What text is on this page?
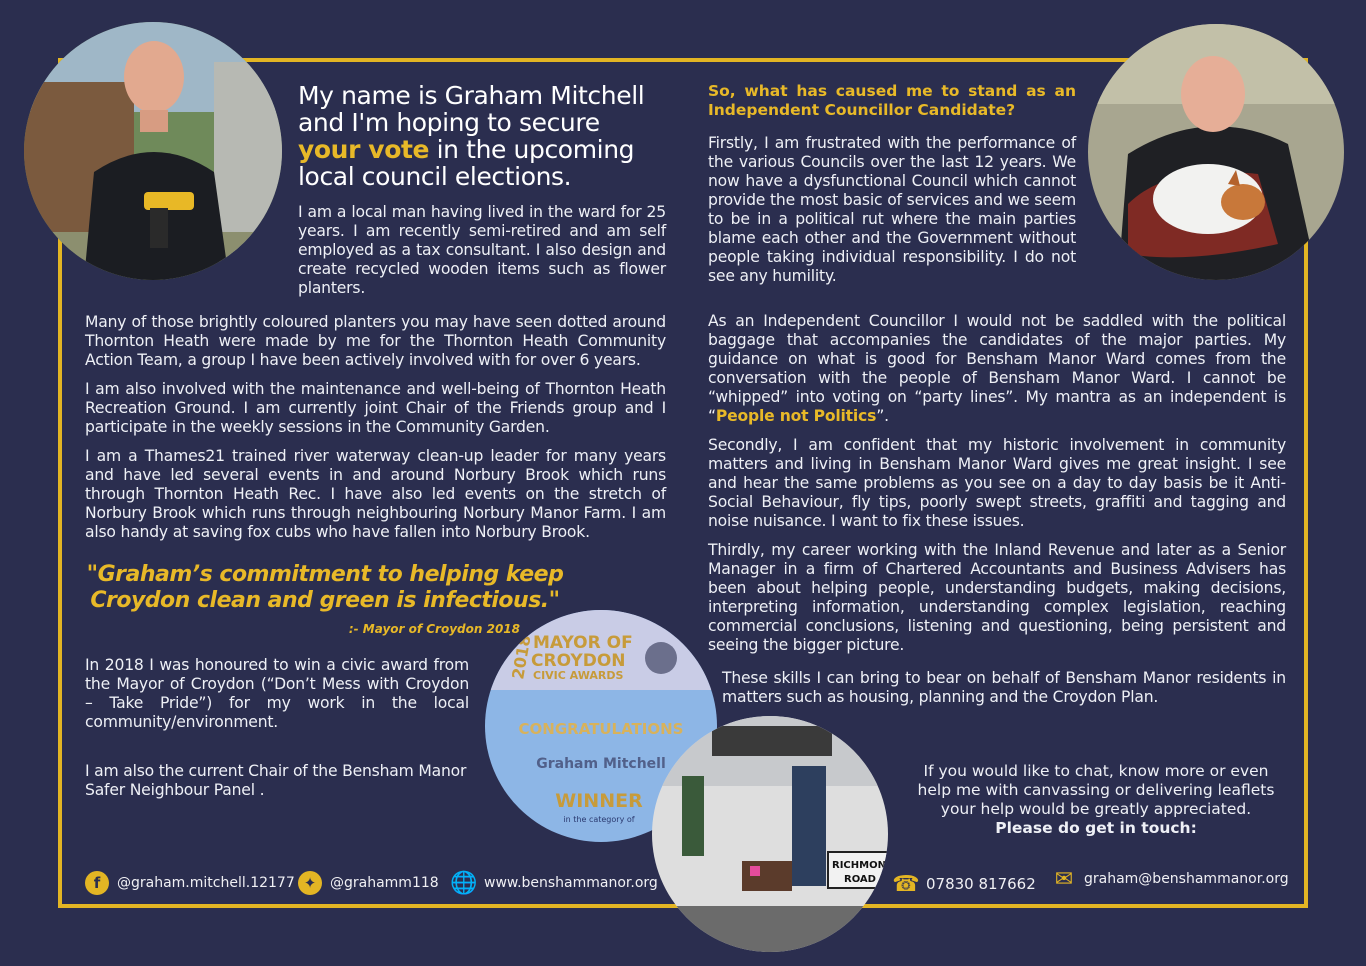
My name is Graham Mitchell and I'm hoping to secure your vote in the upcoming local council elections.

I am a local man having lived in the ward for 25 years. I am recently semi-retired and am self employed as a tax consultant. I also design and create recycled wooden items such as flower planters.

Many of those brightly coloured planters you may have seen dotted around Thornton Heath were made by me for the Thornton Heath Community Action Team, a group I have been actively involved with for over 6 years.

I am also involved with the maintenance and well-being of Thornton Heath Recreation Ground. I am currently joint Chair of the Friends group and I participate in the weekly sessions in the Community Garden.

I am a Thames21 trained river waterway clean-up leader for many years and have led several events in and around Norbury Brook which runs through Thornton Heath Rec. I have also led events on the stretch of Norbury Brook which runs through neighbouring Norbury Manor Farm. I am also handy at saving fox cubs who have fallen into Norbury Brook.

"Graham’s commitment to helping keep Croydon clean and green is infectious."
:- Mayor of Croydon 2018

In 2018 I was honoured to win a civic award from the Mayor of Croydon (“Don’t Mess with Croydon – Take Pride”) for my work in the local community/environment.

I am also the current Chair of the Bensham Manor Safer Neighbour Panel .

2018
MAYOR OF
CROYDON
CIVIC AWARDS
CONGRATULATIONS
Graham Mitchell
WINNER
in the category of
RICHMON
ROAD
So, what has caused me to stand as an Independent Councillor Candidate?

Firstly, I am frustrated with the performance of the various Councils over the last 12 years. We now have a dysfunctional Council which cannot provide the most basic of services and we seem to be in a political rut where the main parties blame each other and the Government without people taking individual responsibility. I do not see any humility.

As an Independent Councillor I would not be saddled with the political baggage that accompanies the candidates of the major parties. My guidance on what is good for Bensham Manor Ward comes from the conversation with the people of Bensham Manor Ward. I cannot be “whipped” into voting on “party lines”. My mantra as an independent is “People not Politics”.

Secondly, I am confident that my historic involvement in community matters and living in Bensham Manor Ward gives me great insight. I see and hear the same problems as you see on a day to day basis be it Anti-Social Behaviour, fly tips, poorly swept streets, graffiti and tagging and noise nuisance. I want to fix these issues.

Thirdly, my career working with the Inland Revenue and later as a Senior Manager in a firm of Chartered Accountants and Business Advisers has been about helping people, understanding budgets, making decisions, interpreting information, understanding complex legislation, reaching commercial conclusions, listening and questioning, being persistent and seeing the bigger picture.

These skills I can bring to bear on behalf of Bensham Manor residents in matters such as housing, planning and the Croydon Plan.

If you would like to chat, know more or even help me with canvassing or delivering leaflets your help would be greatly appreciated.
Please do get in touch:
f	@graham.mitchell.12177 ✦ @grahamm118 🌐 www.benshammanor.org	☎ 07830 817662 ✉ graham@benshammanor.org
